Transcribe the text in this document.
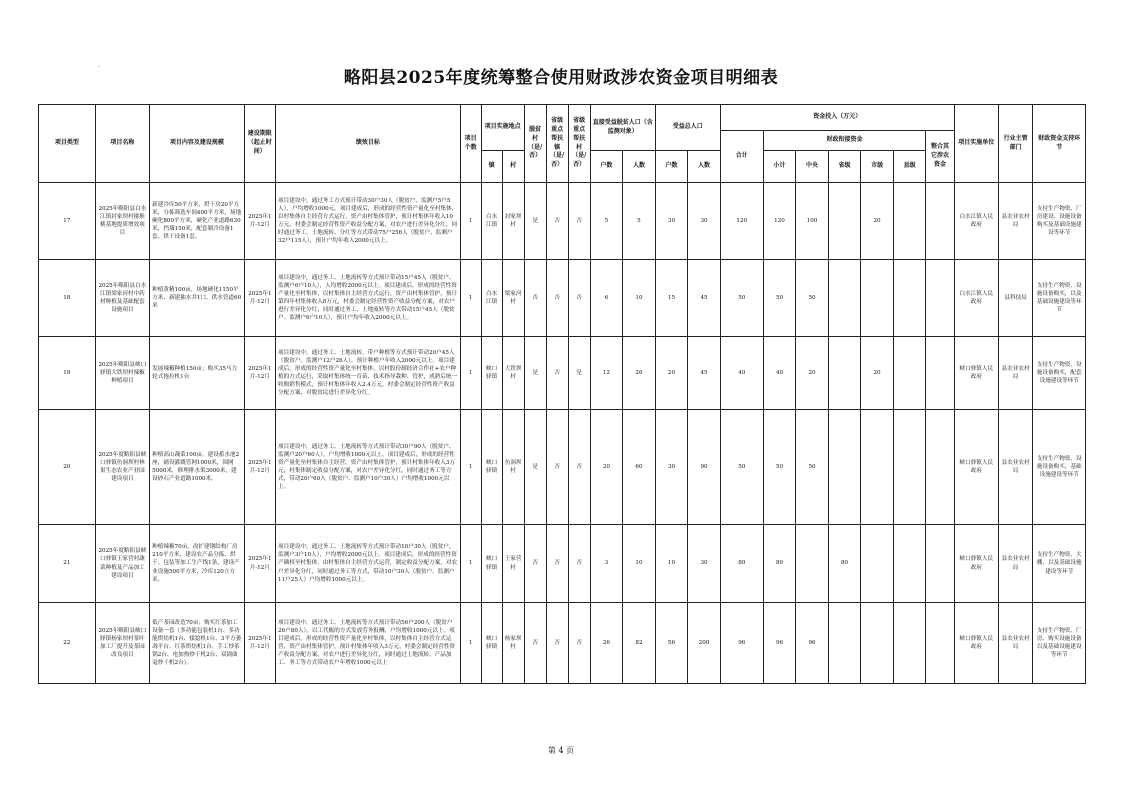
·
略阳县2025年度统筹整合使用财政涉农资金项目明细表
项目类型	项目名称	项目内容及建设规模	建设期限（起止时间）	绩效目标	项目个数	项目实施地点		脱贫村（是/否）	省级重点帮扶镇（是/否）	省级重点帮扶村（是/否）	直接受益脱贫人口（含监测对象）		受益总人口		资金投入（万元）							项目实施单位	行业主管部门	财政资金支持环节
															合计	财政衔接资金					整合其它涉农资金			
						镇	村				户数	人数	户数	人数		小计	中央	省级	市级	县级				
17	2025年略阳县白水江镇封家坝村猕猴桃基地提质增效项目	新建冷库50平方米，烘干房20平方米，分拣筛选车间400平方米，场地硬化800平方米，硬化产业道路630米，挡墙150米，配套制冷设备1套、烘干设备1套。	2025年1月-12月	项目建设中，通过务工方式预计带动30户30人（脱贫户、监测户5户5人），户均增收1000元。项目建成后，形成的经营性资产量化至村集体，以村集体自主经营方式运行，资产由村集体管护，预计村集体年收入10万元，村委会制定经营性资产收益分配方案，对农户进行差异化分红，同时通过务工、土地流转、分红等方式带动75户256人（脱贫户、监测户32户115人），预计户均年收入2000元以上。	1	白水江镇	封家坝村	是	否	否	5	5	30	30	120	120	100		20			白水江镇人民政府	县农业农村局	支持生产物资、厂房建设、设施设备购买及基础设施建设等环节
18	2025年略阳县白水江镇梁家河村中药材种植及基础配套设施项目	种植黄精100亩，场地硬化1150平方米，新建抽水井1口，供水管道60米	2025年1月-12月	项目建设中，通过务工、土地流转等方式预计带动15户45人（脱贫户、监测户6户10人），人均增收2000元以上。项目建成后，形成的经营性资产量化至村集体，以村集体自主经营方式运行，资产由村集体管护，预计第四年村集体收入8万元，村委会制定经营性资产收益分配方案，对农户进行差异化分红；同时通过务工、土地流转等方式带动15户45人（脱贫户、监测户6户10人），预计户均年收入2000元以上。	1	白水江镇	梁家河村	否	否	否	6	10	15	45	50	50	50					白水江镇人民政府	县科技局	支持生产物资、设施设备购买，以及基础设施建设等环节
19	2025年略阳县峡口驿镇大铁坝村辣椒种植项目	发展辣椒种植150亩；购买35马力轮式拖拉机1台	2025年1月-12月	项目建设中，通过务工、土地流转、带户种植等方式预计带动20户45人（脱贫户、监测户12户26人），预计种植户年收入2000元以上。项目建成后，形成的经营性资产量化至村集体，以村股份制经济合作社+农户种植的方式运行，采取村集体统一育苗、技术指导栽种、管护，成熟后统一收购销售模式，预计村集体年收入2.4万元，村委会制定经营性资产收益分配方案，对脱贫民进行差异化分红。	1	峡口驿镇	大铁坝村	是	否	是	12	26	20	45	40	40	20		20			峡口驿镇人民政府	县农业农村局	支持生产物资、设施设备购买，配套设施建设等环节
20	2025年度略阳县峡口驿镇鱼洞坝村林果生态农业产业园建设项目	种植高山蔬菜100亩，建设蓄水池2座，铺设灌溉管网1000米，围网5000米，修理排水渠3000米，建设砂石产业道路1000米。	2025年1月-12月	项目建设中，通过务工、土地流转等方式预计带动30户90人（脱贫户、监测户20户60人），户均增收1000元以上，项目建成后，形成的经营性资产量化至村集体自主经营，资产由村集体管护，预计村集体年收入3万元，村集体制定收益分配方案，对农户差异化分红，同时通过务工等方式，带动20户60人（脱贫户、监测户10户30人）户均增收1000元以上。	1	峡口驿镇	鱼洞坝村	是	否	否	20	60	30	90	50	50	50					峡口驿镇人民政府	县农业农村局	支持生产物资、设施设备购买、基础设施建设等环节
21	2025年度略阳县峡口驿镇王家营村蔬菜种植及产品加工建设项目	种植辣椒70亩，改扩建钢结构厂房210平方米，建设农产品分拣、烘干、包装等加工生产线1条，建设产业设施500平方米，冷库120立方米。	2025年1月-12月	项目建设中，通过务工、土地流转等方式预计带动10户30人（脱贫户、监测户3户10人），户均增收2000元以上。项目建成后，形成的经营性资产确权至村集体，由村集体自主经营方式运营，制定收益分配方案，对农户差异化分红，同时通过务工等方式，带动10户30人（脱贫户、监测户11户25人）户均增收1000元以上。	1	峡口驿镇	王家营村	否	否	否	3	10	10	30	80	80		80				峡口驿镇人民政府	县农业农村局	支持生产物资、大棚、以及基础设施建设等环节
22	2025年略阳县峡口驿镇杨家坝村茶叶加工厂提升及茶园改良项目	低产茶园改造70亩；购买红茶加工设备一套（多功能包装机1台、多功能烘焙机1台、揉捻机1台、3平方萎凋平台、红茶烘焙机1台、手工炒茶锅2台、电加热炒干机2台、双锅曲毫炒干机2台）。	2025年1月-12月	项目建设中，通过务工、土地流转等方式预计带动56户200人（脱贫户26户80人），以工代赈的方式发放劳务报酬，户均增收1000元以上。项目建成后，形成的经营性资产量化至村集体，以村集体自主经营方式运营，资产由村集体管护，预计村集体年收入3万元，村委会制定经营性资产收益分配方案，对农户进行差异化分红，同时通过土地流转、产品加工、务工等方式带动农户年增收1000元以上	1	峡口驿镇	杨家坝村	否	否	否	26	82	56	200	96	96	96					峡口驿镇人民政府	县农业农村局	支持生产物资、厂房、购买设施设备以及基础设施建设等环节
第 4 页
